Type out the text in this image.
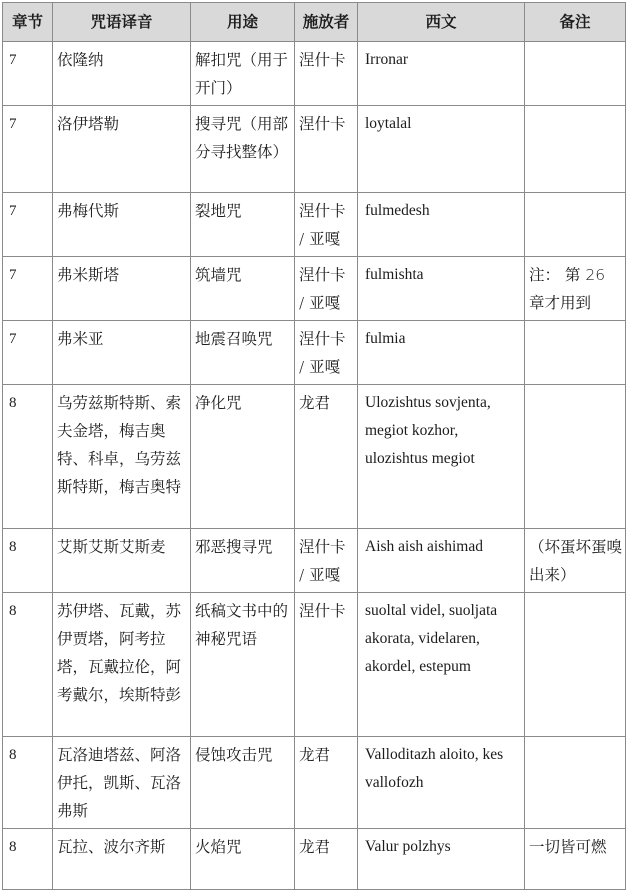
章节	咒语译音	用途	施放者	西文	备注
7	依隆纳	解扣咒（用于开门）	涅什卡	Irronar	
7	洛伊塔勒	搜寻咒（用部分寻找整体）	涅什卡	loytalal	
7	弗梅代斯	裂地咒	涅什卡 / 亚嘎	fulmedesh	
7	弗米斯塔	筑墙咒	涅什卡 / 亚嘎	fulmishta	注： 第 26 章才用到
7	弗米亚	地震召唤咒	涅什卡 / 亚嘎	fulmia	
8	乌劳兹斯特斯、索夫金塔，梅吉奥特、科卓，乌劳兹斯特斯，梅吉奥特	净化咒	龙君	Ulozishtus sovjenta, megiot kozhor, ulozishtus megiot	
8	艾斯艾斯艾斯麦	邪恶搜寻咒	涅什卡 / 亚嘎	Aish aish aishimad	（坏蛋坏蛋嗅出来）
8	苏伊塔、瓦戴，苏伊贾塔，阿考拉塔，瓦戴拉伦，阿考戴尔，埃斯特彭	纸稿文书中的神秘咒语	涅什卡	suoltal videl, suoljata akorata, videlaren, akordel, estepum	
8	瓦洛迪塔兹、阿洛伊托，凯斯、瓦洛弗斯	侵蚀攻击咒	龙君	Valloditazh aloito, kes vallofozh	
8	瓦拉、波尔齐斯	火焰咒	龙君	Valur polzhys	一切皆可燃
